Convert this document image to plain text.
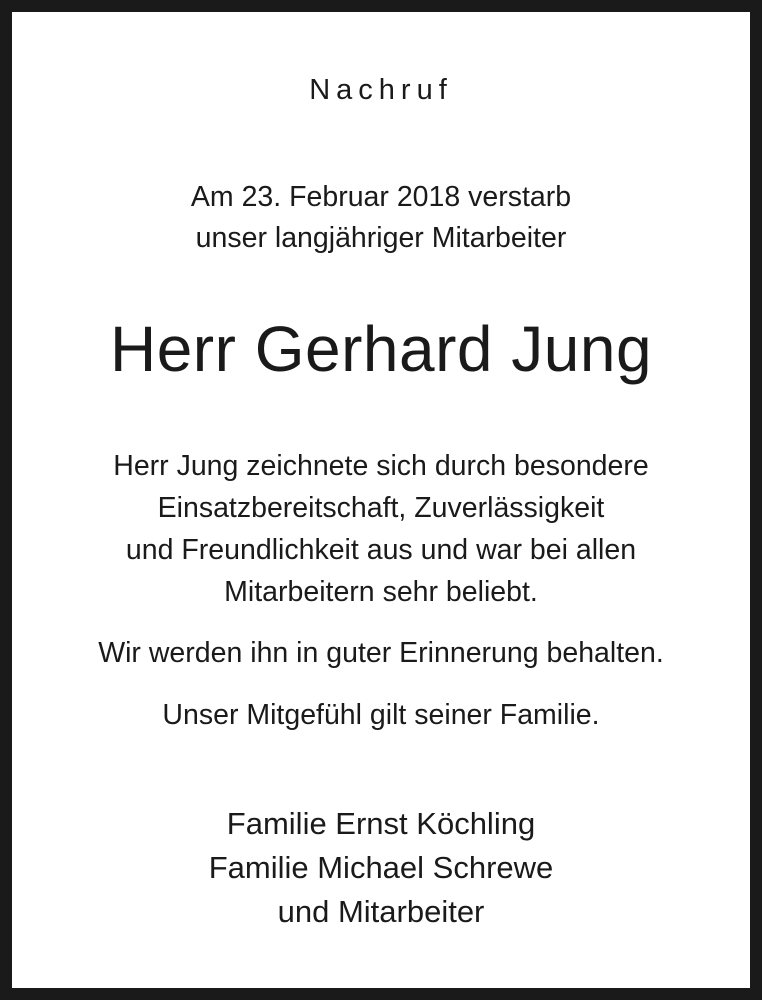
Nachruf

Am 23. Februar 2018 verstarb

unser langjähriger Mitarbeiter

Herr Gerhard Jung

Herr Jung zeichnete sich durch besondere

Einsatzbereitschaft, Zuverlässigkeit

und Freundlichkeit aus und war bei allen

Mitarbeitern sehr beliebt.

Wir werden ihn in guter Erinnerung behalten.

Unser Mitgefühl gilt seiner Familie.

Familie Ernst Köchling

Familie Michael Schrewe

und Mitarbeiter
